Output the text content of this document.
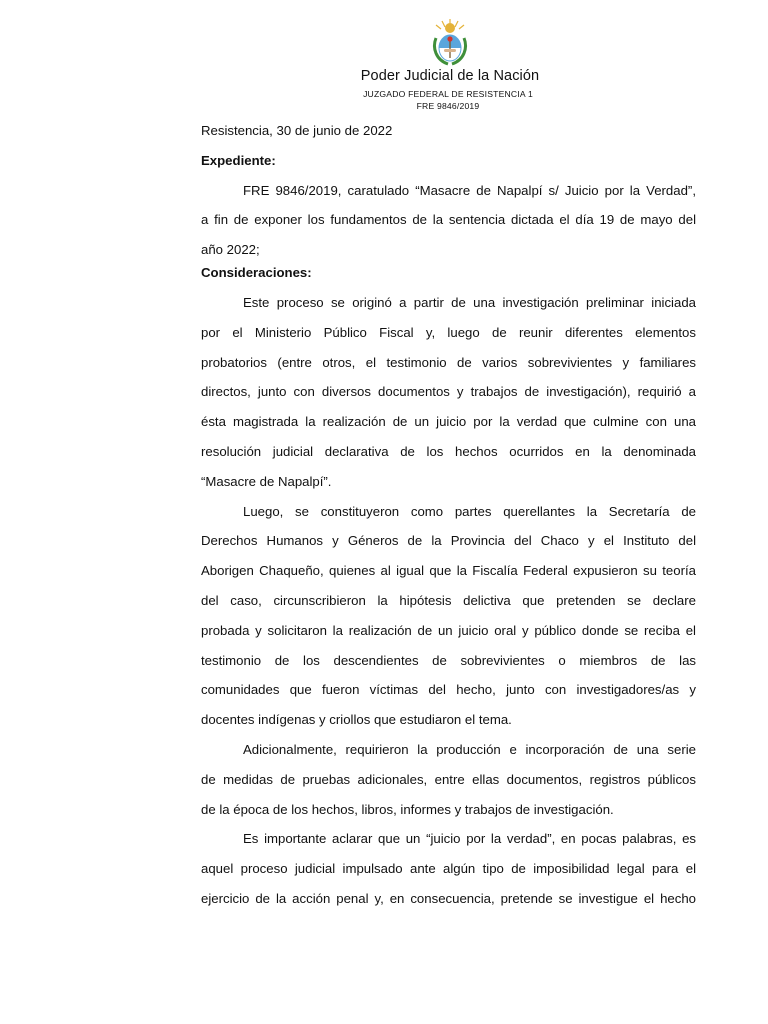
Poder Judicial de la Nación
JUZGADO FEDERAL DE RESISTENCIA 1
FRE 9846/2019
Resistencia, 30 de junio de 2022
Expediente:
FRE 9846/2019, caratulado “Masacre de Napalpí s/ Juicio por la Verdad”,
a fin de exponer los fundamentos de la sentencia dictada el día 19 de mayo del
año 2022;
Consideraciones:
Este proceso se originó a partir de una investigación preliminar iniciada
por el Ministerio Público Fiscal y, luego de reunir diferentes elementos
probatorios (entre otros, el testimonio de varios sobrevivientes y familiares
directos, junto con diversos documentos y trabajos de investigación), requirió a
ésta magistrada la realización de un juicio por la verdad que culmine con una
resolución judicial declarativa de los hechos ocurridos en la denominada
“Masacre de Napalpí”.
Luego, se constituyeron como partes querellantes la Secretaría de
Derechos Humanos y Géneros de la Provincia del Chaco y el Instituto del
Aborigen Chaqueño, quienes al igual que la Fiscalía Federal expusieron su teoría
del caso, circunscribieron la hipótesis delictiva que pretenden se declare
probada y solicitaron la realización de un juicio oral y público donde se reciba el
testimonio de los descendientes de sobrevivientes o miembros de las
comunidades que fueron víctimas del hecho, junto con investigadores/as y
docentes indígenas y criollos que estudiaron el tema.
Adicionalmente, requirieron la producción e incorporación de una serie
de medidas de pruebas adicionales, entre ellas documentos, registros públicos
de la época de los hechos, libros, informes y trabajos de investigación.
Es importante aclarar que un “juicio por la verdad”, en pocas palabras, es
aquel proceso judicial impulsado ante algún tipo de imposibilidad legal para el
ejercicio de la acción penal y, en consecuencia, pretende se investigue el hecho
